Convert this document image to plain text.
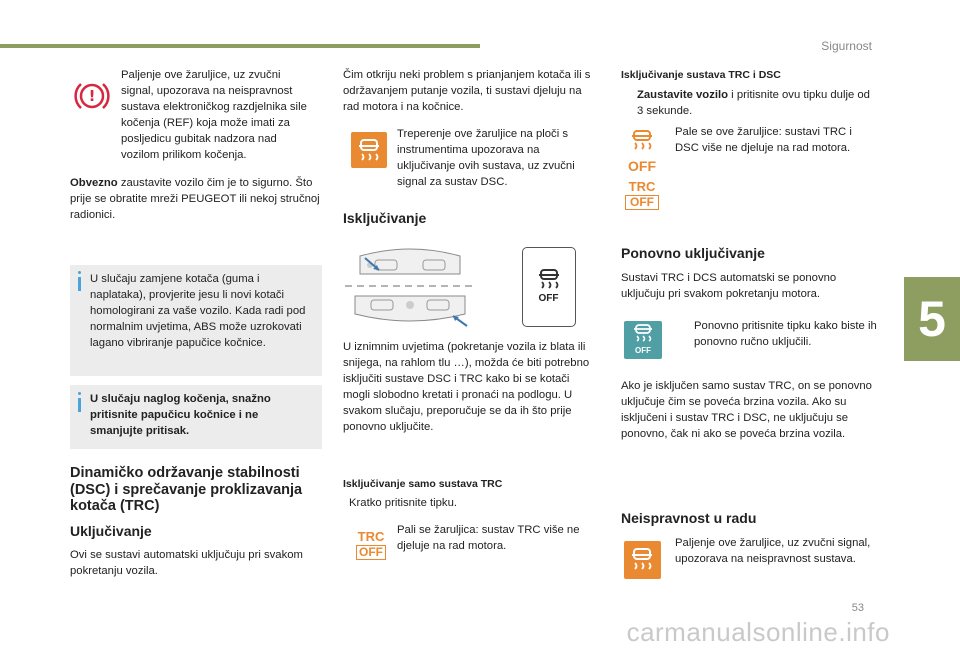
Sigurnost
5
53
carmanualsonline.info
!

Paljenje ove žaruljice, uz zvučni signal, upozorava na neispravnost sustava elektroničkog razdjelnika sile kočenja (REF) koja može imati za posljedicu gubitak nadzora nad vozilom prilikom kočenja.

Obvezno zaustavite vozilo čim je to sigurno. Što prije se obratite mreži PEUGEOT ili nekoj stručnoj radionici.

U slučaju zamjene kotača (guma i naplataka), provjerite jesu li novi kotači homologirani za vaše vozilo. Kada radi pod normalnim uvjetima, ABS može uzrokovati lagano vibriranje papučice kočnice.

U slučaju naglog kočenja, snažno pritisnite papučicu kočnice i ne smanjujte pritisak.

Dinamičko održavanje stabilnosti (DSC) i sprečavanje proklizavanja kotača (TRC)
Uključivanje

Ovi se sustavi automatski uključuju pri svakom pokretanju vozila.

Čim otkriju neki problem s prianjanjem kotača ili s održavanjem putanje vozila, ti sustavi djeluju na rad motora i na kočnice.

Treperenje ove žaruljice na ploči s instrumentima upozorava na uključivanje ovih sustava, uz zvučni signal za sustav DSC.

Isključivanje
OFF

U iznimnim uvjetima (pokretanje vozila iz blata ili snijega, na rahlom tlu …), možda će biti potrebno isključiti sustave DSC i TRC kako bi se kotači mogli slobodno kretati i pronaći na podlogu. U svakom slučaju, preporučuje se da ih što prije ponovno uključite.

Isključivanje samo sustava TRC
Kratko pritisnite tipku.
TRC
OFF

Pali se žaruljica: sustav TRC više ne djeluje na rad motora.

Isključivanje sustava TRC i DSC
Zaustavite vozilo i pritisnite ovu tipku dulje od 3 sekunde.
OFF
TRC
OFF

Pale se ove žaruljice: sustavi TRC i DSC više ne djeluje na rad motora.

Ponovno uključivanje

Sustavi TRC i DCS automatski se ponovno uključuju pri svakom pokretanju motora.

OFF
Ponovno pritisnite tipku kako biste ih ponovno ručno uključili.

Ako je isključen samo sustav TRC, on se ponovno uključuje čim se poveća brzina vozila. Ako su isključeni i sustav TRC i DSC, ne uključuju se ponovno, čak ni ako se poveća brzina vozila.

Neispravnost u radu

Paljenje ove žaruljice, uz zvučni signal, upozorava na neispravnost sustava.
